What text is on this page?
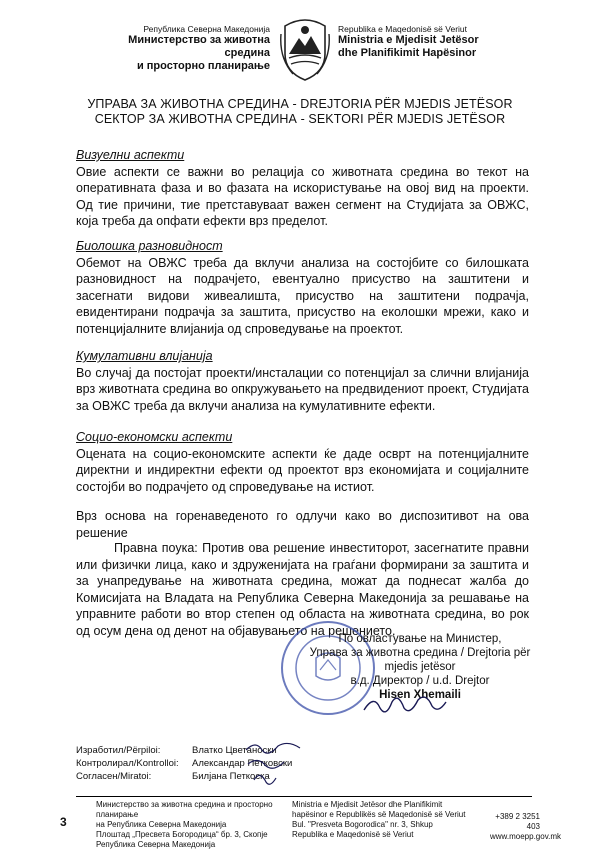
Република Северна Македонија
Министерство за животна средина
и просторно планирање
Republika e Maqedonisë së Veriut
Ministria e Mjedisit Jetësor
dhe Planifikimit Hapësinor
УПРАВА ЗА ЖИВОТНА СРЕДИНА - DREJTORIA PËR MJEDIS JETËSOR
СЕКТОР ЗА ЖИВОТНА СРЕДИНА - SEKTORI PËR MJEDIS JETËSOR
Визуелни аспекти
Овие аспекти се важни во релација со животната средина во текот на оперативната фаза и во фазата на искористување на овој вид на проекти. Од тие причини, тие претставуваат важен сегмент на Студијата за ОВЖС, која треба да опфати ефекти врз пределот.
Биолошка разновидност
Обемот на ОВЖС треба да вклучи анализа на состојбите со билошката разновидност на подрачјето, евентуално присуство на заштитени и засегнати видови живеалишта, присуство на заштитени подрачја, евидентирани подрачја за заштита, присуство на еколошки мрежи, како и потенцијалните влијанија од спроведување на проектот.
Кумулативни влијанија
Во случај да постојат проекти/инсталации со потенцијал за слични влијанија врз животната средина во опкружувањето на предвидениот проект, Студијата за ОВЖС треба да вклучи анализа на кумулативните ефекти.
Социо-економски аспекти
Оцената на социо-економските аспекти ќе даде осврт на потенцијалните директни и индиректни ефекти од проектот врз економијата и социјалните состојби во подрачјето од спроведување на истиот.
Врз основа на горенаведеното го одлучи како во диспозитивот на ова решение
Правна поука: Против ова решение инвеститорот, засегнатите правни или физички лица, како и здруженијата на граѓани формирани за заштита и за унапредување на животната средина, можат да поднесат жалба до Комисијата на Владата на Република Северна Македонија за решавање на управните работи во втор степен од областа на животната средина, во рок од осум дена од денот на објавувањето на решението.
По овластување на Министер,
Управа за животна средина / Drejtoria për mjedis jetësor
в.д. Директор / u.d. Drejtor
Hisen Xhemaili
Изработил/Përpiloi:	Влатко Цветаноски
Контролирал/Kontrolloi:	Александар Петковски
Согласен/Miratoi:	Билјана Петкоска
3
Министерство за животна средина и просторно планирање
на Република Северна Македонија
Плоштад „Пресвета Богородица“ бр. 3, Скопје
Република Северна Македонија
Ministria e Mjedisit Jetësor dhe Planifikimit
hapësinor e Republikës së Maqedonisë së Veriut
Bul. "Presveta Bogorodica" nr. 3, Shkup
Republika e Maqedonisë së Veriut
+389 2 3251 403
www.moepp.gov.mk
